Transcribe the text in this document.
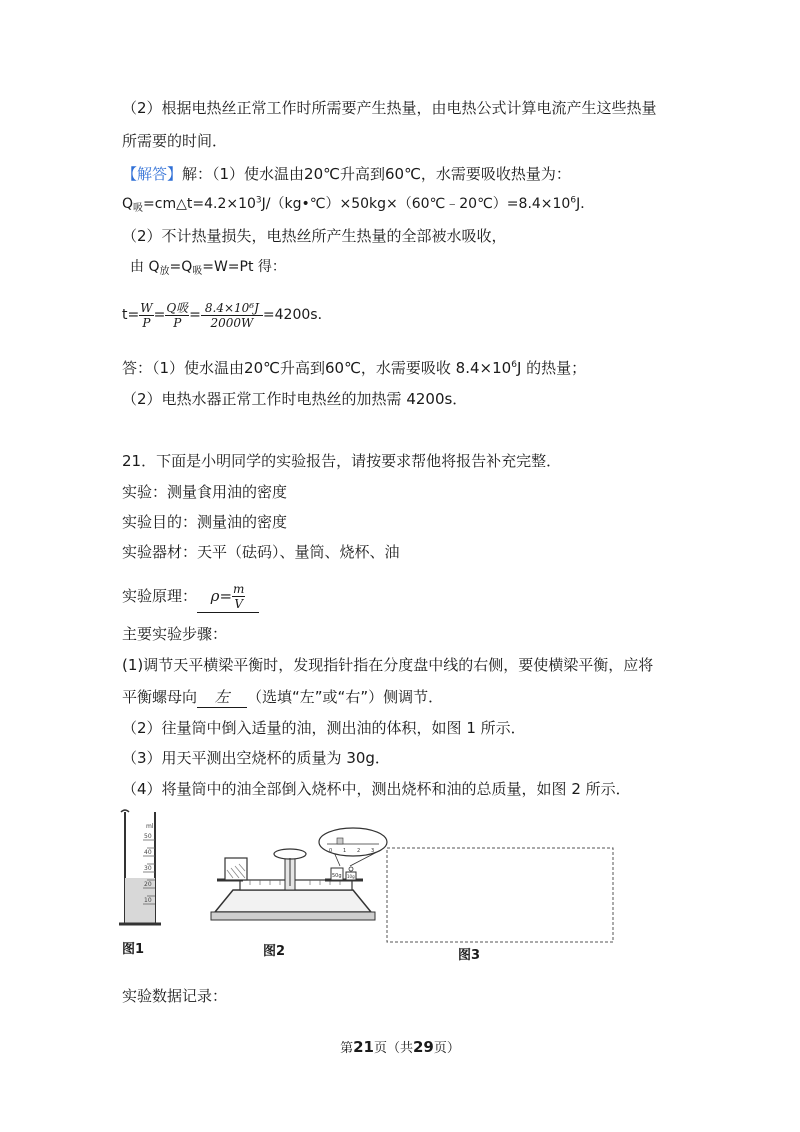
（2）根据电热丝正常工作时所需要产生热量，由电热公式计算电流产生这些热量
所需要的时间．
【解答】解：（1）使水温由20℃升高到60℃，水需要吸收热量为：
$Q_吸=cm\triangle t=4.2\times 10^3J/(kg•℃)\times 50kg\times(60℃﹣20℃)=8.4\times 10^6J$．
（2）不计热量损失，电热丝所产生热量的全部被水吸收，
由 $Q_放=Q_吸=W=Pt$ 得：
$t= \frac{W}{P} = \frac{\text{Q吸}}{P} = \frac{\text{8.4×10⁶J}}{2000W} =4200s$．
答：（1）使水温由20℃升高到60℃，水需要吸收 $8.4\times 10^6J$ 的热量；
（2）电热水器正常工作时电热丝的加热需 4200s．
21．下面是小明同学的实验报告，请按要求帮他将报告补充完整．
实验：测量食用油的密度
实验目的：测量油的密度
实验器材：天平（砝码）、量筒、烧杯、油
实验原理： $\rho= \frac{m}{V}$
主要实验步骤：
(1)调节天平横梁平衡时，发现指针指在分度盘中线的右侧，要使横梁平衡，应将
平衡螺母向 左 （选填“左”或“右”）侧调节．
（2）往量筒中倒入适量的油，测出油的体积，如图 1 所示．
（3）用天平测出空烧杯的质量为 30g．
（4）将量筒中的油全部倒入烧杯中，测出烧杯和油的总质量，如图 2 所示．
ml
50
40
30
20
10
50g 10g
0 1 2 3
图1	图2	图3
实验数据记录：
第21页（共29页）
